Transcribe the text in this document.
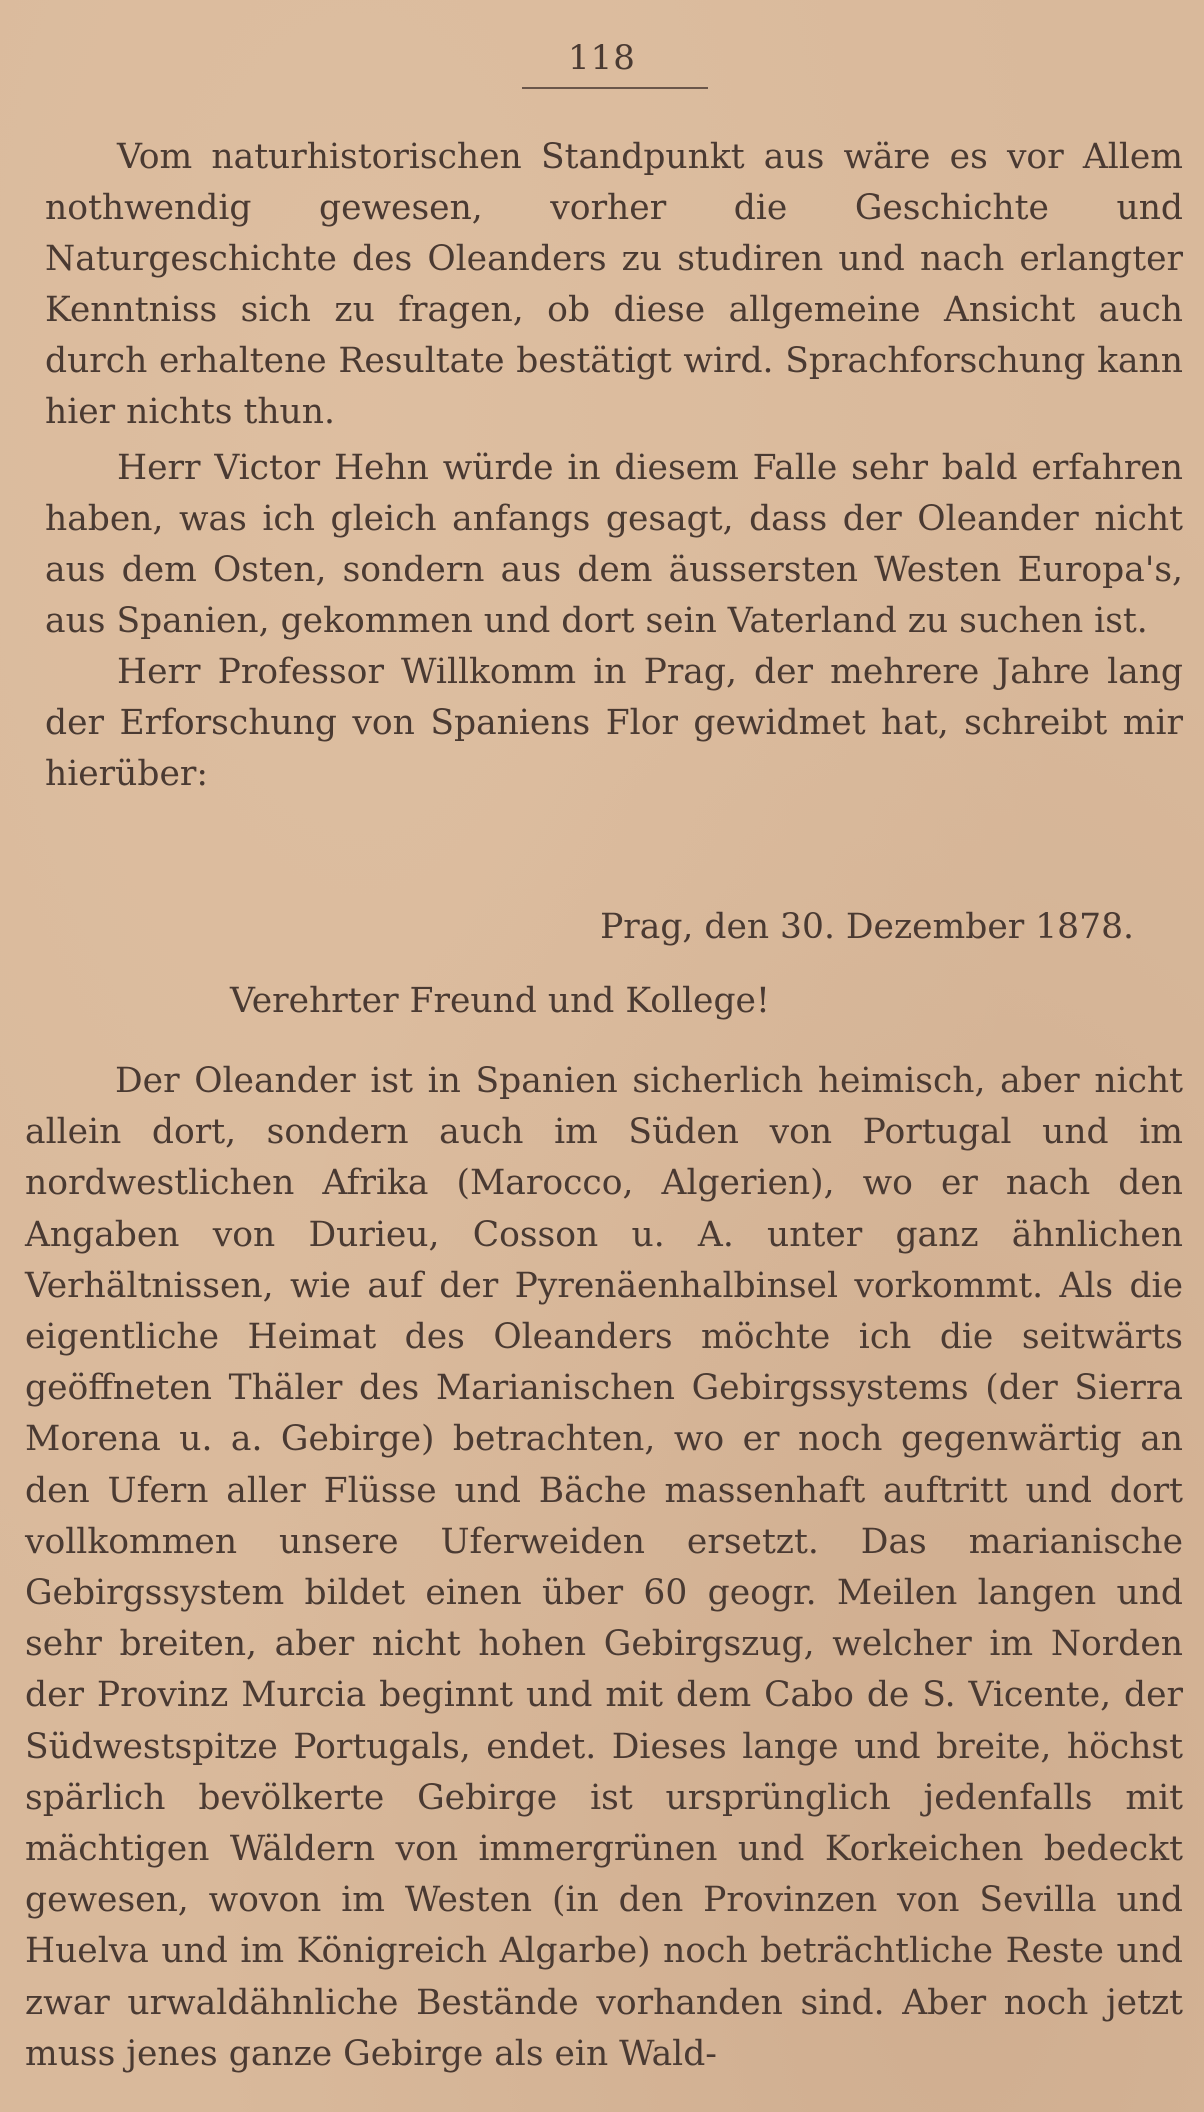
118

Vom naturhistorischen Standpunkt aus wäre es vor Allem nothwendig gewesen, vorher die Geschichte und Naturgeschichte des Oleanders zu studiren und nach erlangter Kenntniss sich zu fragen, ob diese allgemeine Ansicht auch durch erhaltene Resultate bestätigt wird. Sprachforschung kann hier nichts thun.

Herr Victor Hehn würde in diesem Falle sehr bald erfahren haben, was ich gleich anfangs gesagt, dass der Oleander nicht aus dem Osten, sondern aus dem äussersten Westen Europa's, aus Spanien, gekommen und dort sein Vaterland zu suchen ist.

Herr Professor Willkomm in Prag, der mehrere Jahre lang der Erforschung von Spaniens Flor gewidmet hat, schreibt mir hierüber:

Prag, den 30. Dezember 1878.
Verehrter Freund und Kollege!

Der Oleander ist in Spanien sicherlich heimisch, aber nicht allein dort, sondern auch im Süden von Portugal und im nordwestlichen Afrika (Marocco, Algerien), wo er nach den Angaben von Durieu, Cosson u. A. unter ganz ähnlichen Verhältnissen, wie auf der Pyrenäenhalbinsel vorkommt. Als die eigentliche Heimat des Oleanders möchte ich die seitwärts geöffneten Thäler des Marianischen Gebirgssystems (der Sierra Morena u. a. Gebirge) betrachten, wo er noch gegenwärtig an den Ufern aller Flüsse und Bäche massenhaft auftritt und dort vollkommen unsere Uferweiden ersetzt. Das marianische Gebirgssystem bildet einen über 60 geogr. Meilen langen und sehr breiten, aber nicht hohen Gebirgszug, welcher im Norden der Provinz Murcia beginnt und mit dem Cabo de S. Vicente, der Südwestspitze Portugals, endet. Dieses lange und breite, höchst spärlich bevölkerte Gebirge ist ursprünglich jedenfalls mit mächtigen Wäldern von immergrünen und Korkeichen bedeckt gewesen, wovon im Westen (in den Provinzen von Sevilla und Huelva und im Königreich Algarbe) noch beträchtliche Reste und zwar urwaldähnliche Bestände vorhanden sind. Aber noch jetzt muss jenes ganze Gebirge als ein Wald-
